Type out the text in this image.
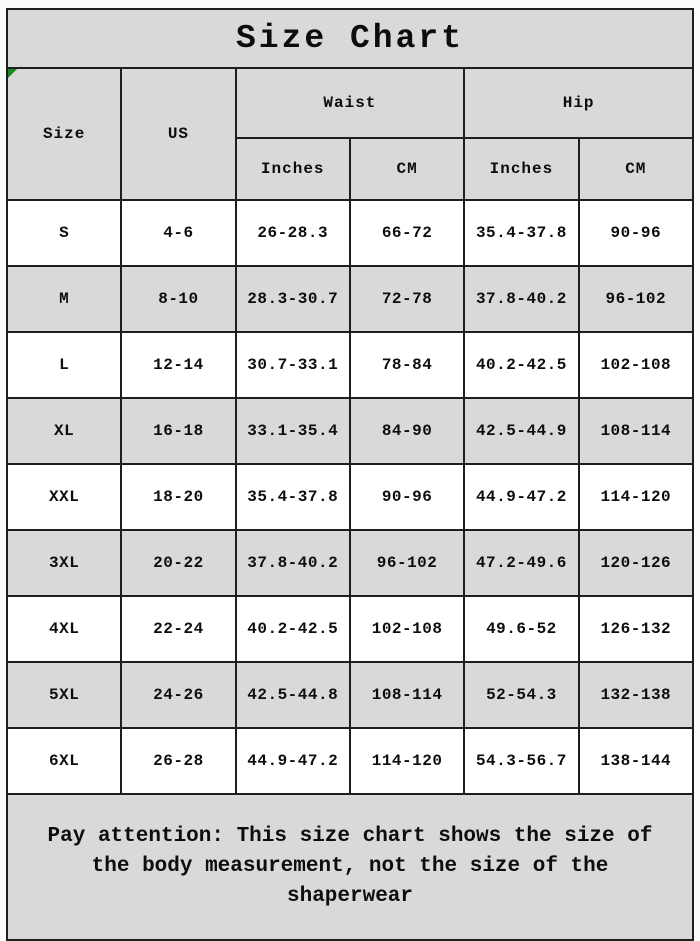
Size Chart					

Size	US	Waist		Hip	
		Inches	CM	Inches	CM
S	4-6	26-28.3	66-72	35.4-37.8	90-96
M	8-10	28.3-30.7	72-78	37.8-40.2	96-102
L	12-14	30.7-33.1	78-84	40.2-42.5	102-108
XL	16-18	33.1-35.4	84-90	42.5-44.9	108-114
XXL	18-20	35.4-37.8	90-96	44.9-47.2	114-120
3XL	20-22	37.8-40.2	96-102	47.2-49.6	120-126
4XL	22-24	40.2-42.5	102-108	49.6-52	126-132
5XL	24-26	42.5-44.8	108-114	52-54.3	132-138
6XL	26-28	44.9-47.2	114-120	54.3-56.7	138-144

Pay attention: This size chart shows the size of
the body measurement, not the size of the
shaperwear					
